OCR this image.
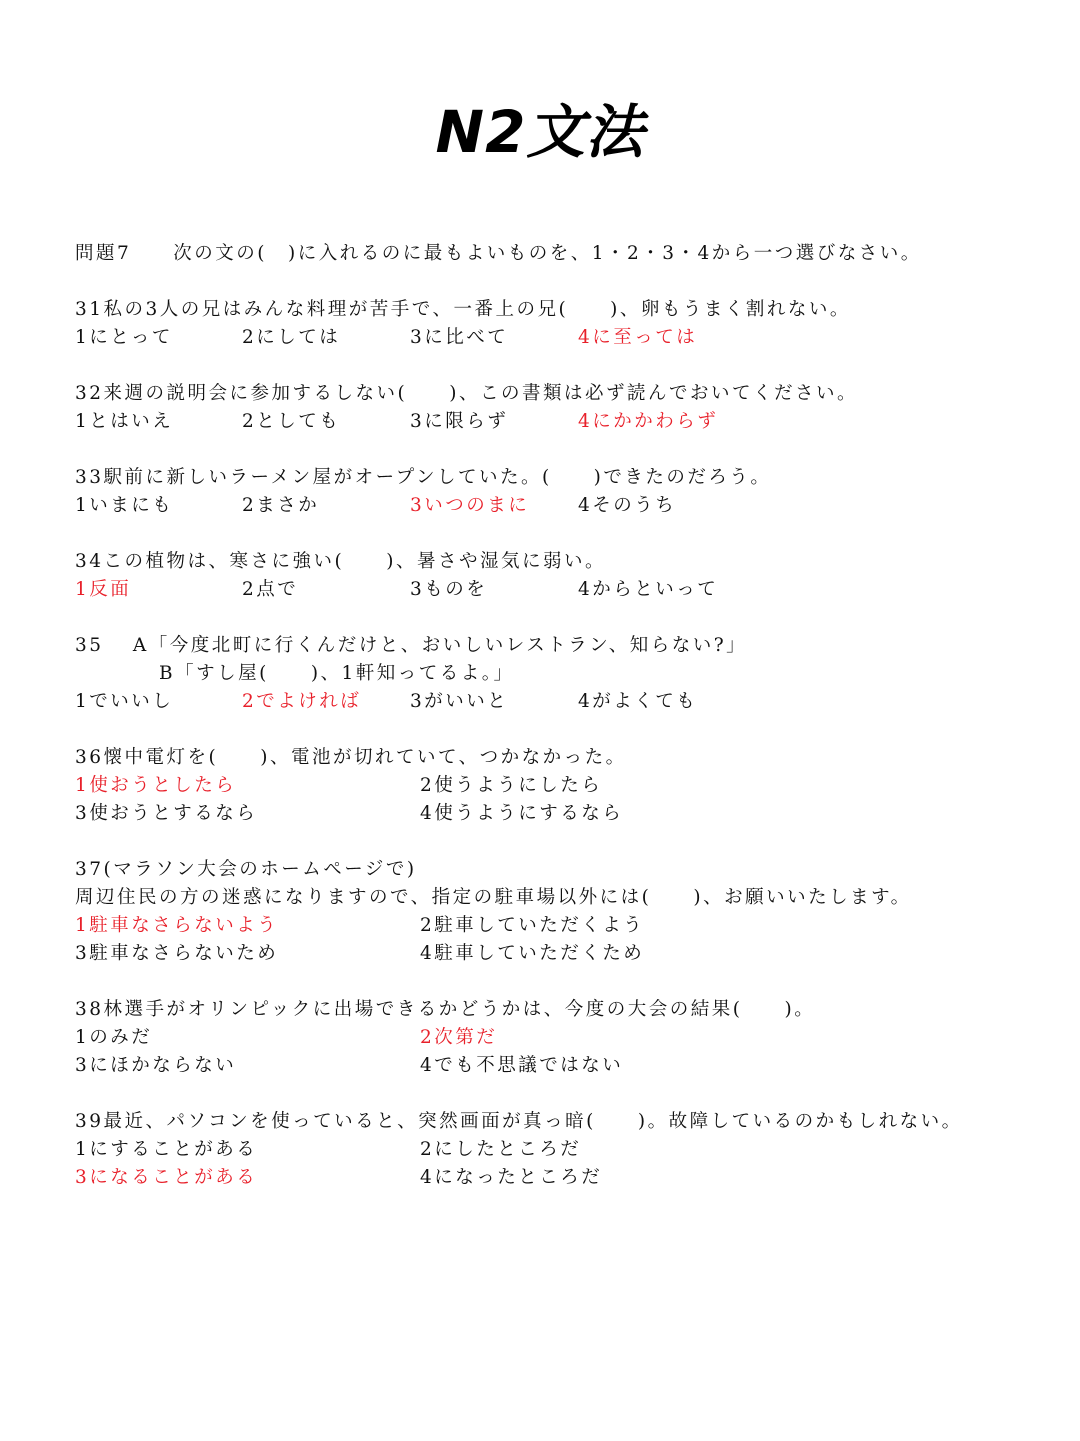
N2文法
問題7　　次の文の(　)に入れるのに最もよいものを、1・2・3・4から一つ選びなさい。
31私の3人の兄はみんな料理が苦手で、一番上の兄(　　)、卵もうまく割れない。
1にとって	2にしては	3に比べて	4に至っては
32来週の説明会に参加するしない(　　)、この書類は必ず読んでおいてください。
1とはいえ	2としても	3に限らず	4にかかわらず
33駅前に新しいラーメン屋がオープンしていた。(　　)できたのだろう。
1いまにも	2まさか	3いつのまに	4そのうち
34この植物は、寒さに強い(　　)、暑さや湿気に弱い。
1反面	2点で	3ものを	4からといって
35　 A「今度北町に行くんだけと、おいしいレストラン、知らない?」
B「すし屋(　　)、1軒知ってるよ。」
1でいいし	2でよければ	3がいいと	4がよくても
36懐中電灯を(　　)、電池が切れていて、つかなかった。
1使おうとしたら	2使うようにしたら
3使おうとするなら	4使うようにするなら
37(マラソン大会のホームページで)
周辺住民の方の迷惑になりますので、指定の駐車場以外には(　　)、お願いいたします。
1駐車なさらないよう	2駐車していただくよう
3駐車なさらないため	4駐車していただくため
38林選手がオリンピックに出場できるかどうかは、今度の大会の結果(　　)。
1のみだ	2次第だ
3にほかならない	4でも不思議ではない
39最近、パソコンを使っていると、突然画面が真っ暗(　　)。故障しているのかもしれない。
1にすることがある	2にしたところだ
3になることがある	4になったところだ
